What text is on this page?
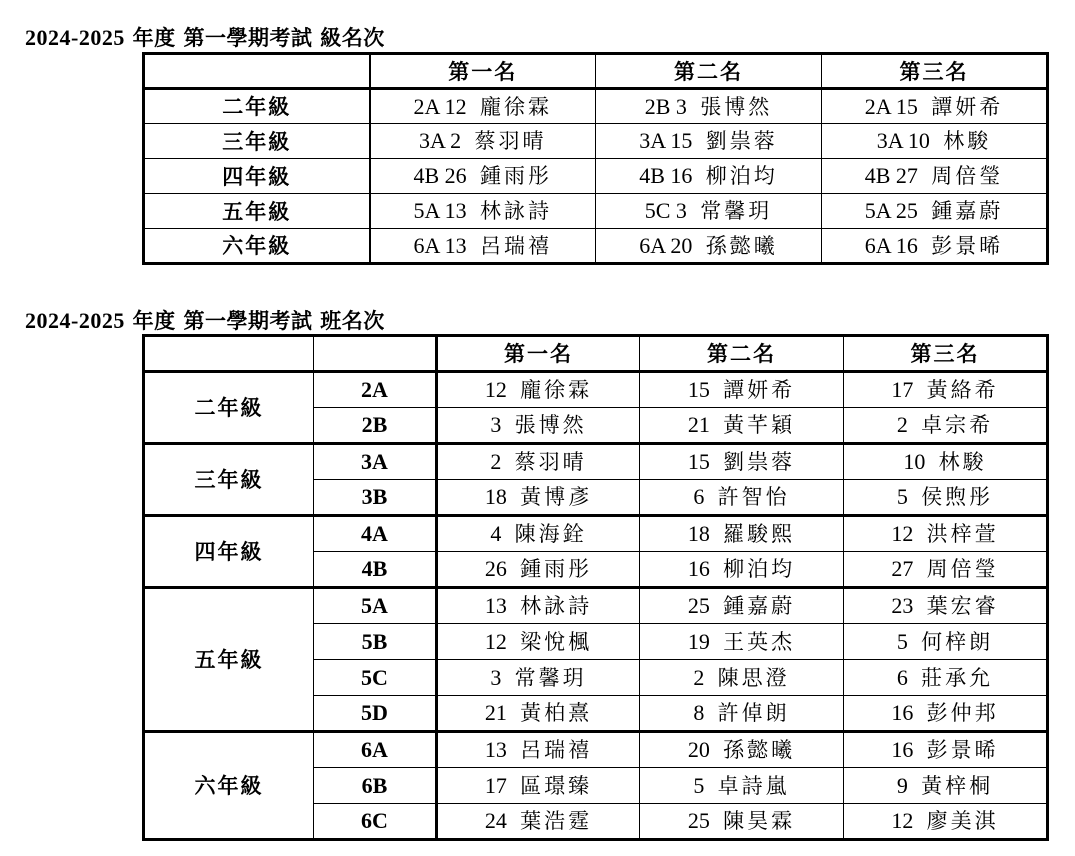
2024-2025 年度 第一學期考試 級名次
	第一名	第二名	第三名
二年級	2A 12 龐徐霖	2B 3 張博然	2A 15 譚妍希
三年級	3A 2 蔡羽晴	3A 15 劉祟蓉	3A 10 林駿
四年級	4B 26 鍾雨彤	4B 16 柳泊均	4B 27 周倍瑩
五年級	5A 13 林詠詩	5C 3 常馨玥	5A 25 鍾嘉蔚
六年級	6A 13 呂瑞禧	6A 20 孫懿曦	6A 16 彭景晞
2024-2025 年度 第一學期考試 班名次
		第一名	第二名	第三名
二年級	2A	12 龐徐霖	15 譚妍希	17 黃絡希
	2B	3 張博然	21 黃芊穎	2 卓宗希
三年級	3A	2 蔡羽晴	15 劉祟蓉	10 林駿
	3B	18 黃博彥	6 許智怡	5 侯煦彤
四年級	4A	4 陳海銓	18 羅駿熙	12 洪梓萱
	4B	26 鍾雨彤	16 柳泊均	27 周倍瑩
五年級	5A	13 林詠詩	25 鍾嘉蔚	23 葉宏睿
	5B	12 梁悅楓	19 王英杰	5 何梓朗
	5C	3 常馨玥	2 陳思澄	6 莊承允
	5D	21 黃柏熹	8 許倬朗	16 彭仲邦
六年級	6A	13 呂瑞禧	20 孫懿曦	16 彭景晞
	6B	17 區璟臻	5 卓詩嵐	9 黃梓桐
	6C	24 葉浩霆	25 陳昊霖	12 廖美淇
